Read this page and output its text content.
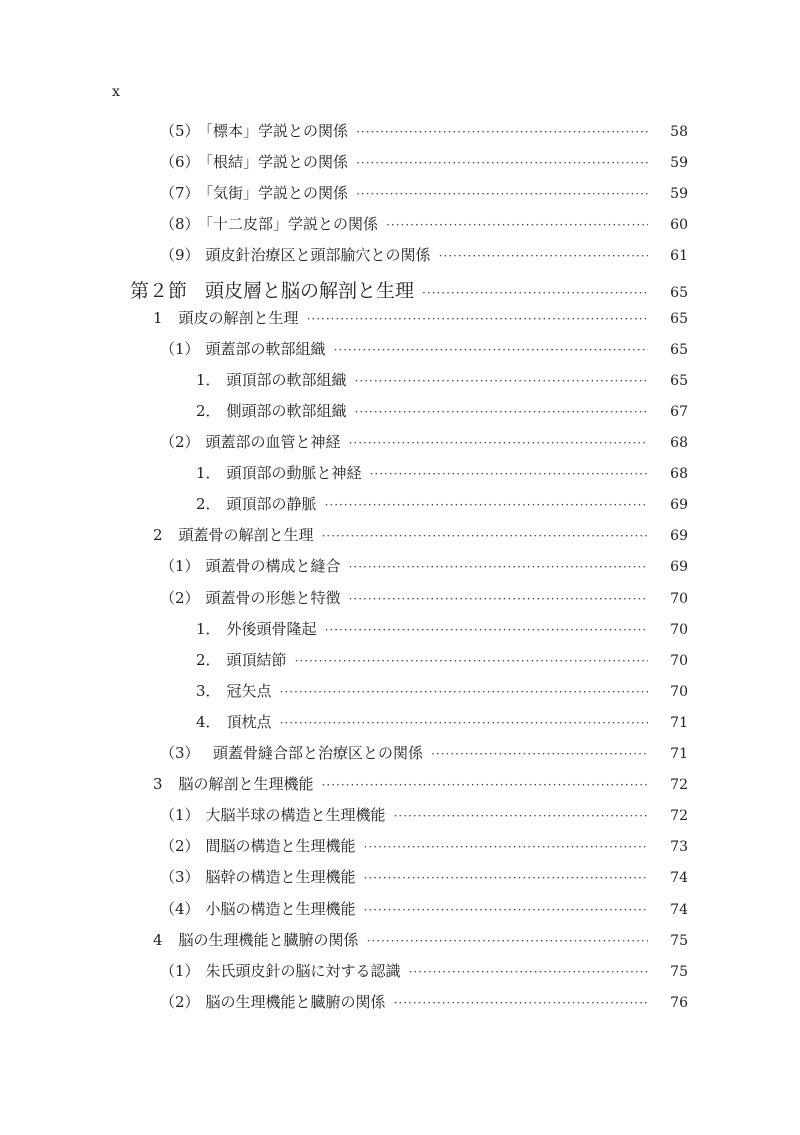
x
（5） 「標本」学説との関係 ·····	58
（6） 「根結」学説との関係 ·····	59
（7） 「気街」学説との関係 ·····	59
（8） 「十二皮部」学説との関係 ·····	60
（9） 頭皮針治療区と頭部腧穴との関係 ·····	61
第２節 頭皮層と脳の解剖と生理 ·····	65
1 頭皮の解剖と生理 ·····	65
（1） 頭蓋部の軟部組織 ·····	65
1． 頭頂部の軟部組織 ·····	65
2． 側頭部の軟部組織 ·····	67
（2） 頭蓋部の血管と神経 ·····	68
1． 頭頂部の動脈と神経 ·····	68
2． 頭頂部の静脈 ·····	69
2 頭蓋骨の解剖と生理 ·····	69
（1） 頭蓋骨の構成と縫合 ·····	69
（2） 頭蓋骨の形態と特徴 ·····	70
1． 外後頭骨隆起 ·····	70
2． 頭頂結節 ·····	70
3． 冠矢点 ·····	70
4． 頂枕点 ·····	71
（3）　頭蓋骨縫合部と治療区との関係 ·····	71
3 脳の解剖と生理機能 ·····	72
（1） 大脳半球の構造と生理機能 ·····	72
（2） 間脳の構造と生理機能 ·····	73
（3） 脳幹の構造と生理機能 ·····	74
（4） 小脳の構造と生理機能 ·····	74
4 脳の生理機能と臓腑の関係 ·····	75
（1） 朱氏頭皮針の脳に対する認識 ·····	75
（2） 脳の生理機能と臓腑の関係 ·····	76
